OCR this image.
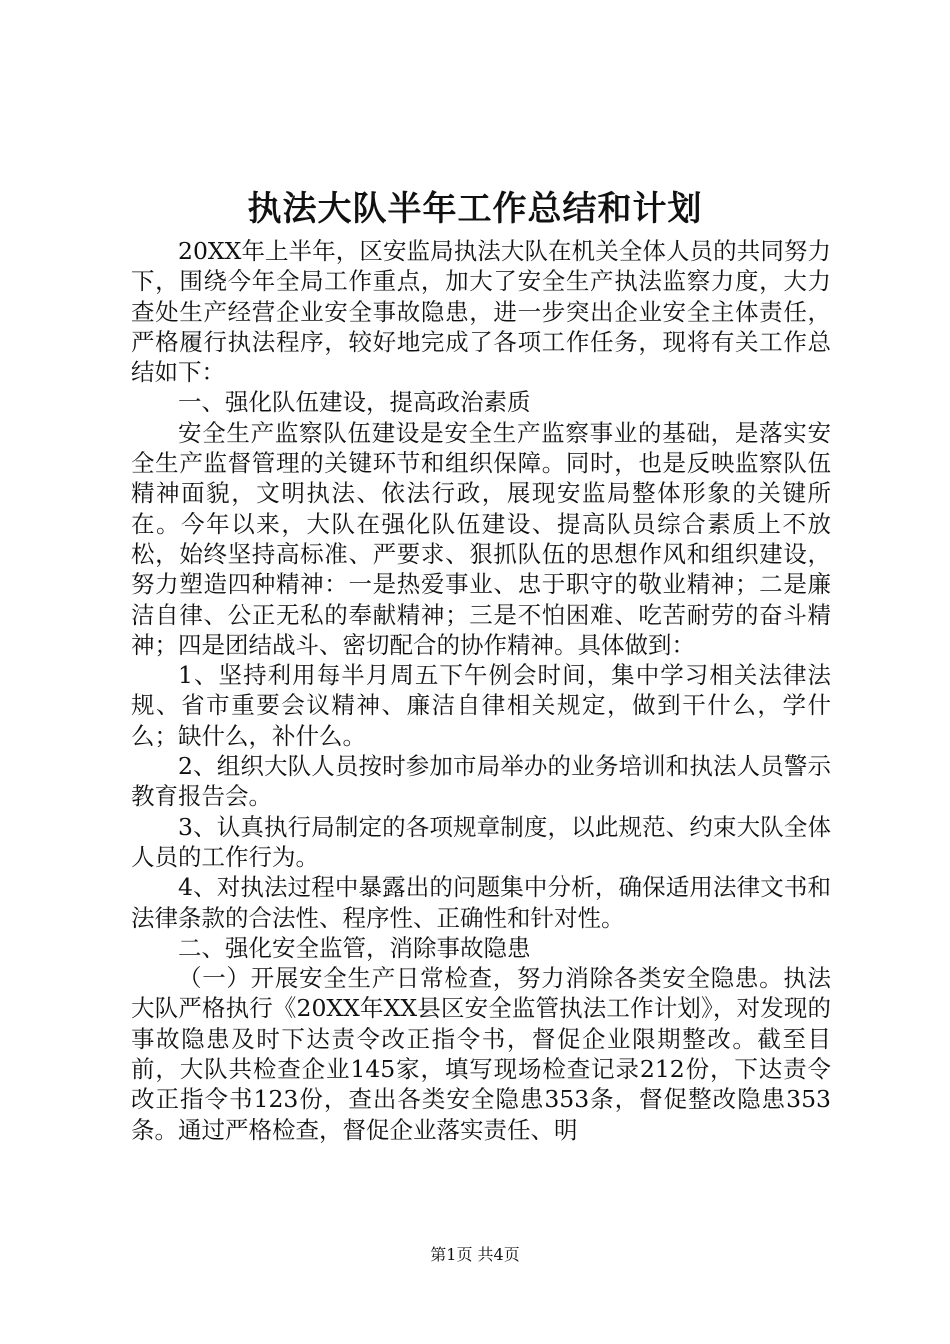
执法大队半年工作总结和计划

20XX年上半年，区安监局执法大队在机关全体人员的共同努力下，围绕今年全局工作重点，加大了安全生产执法监察力度，大力查处生产经营企业安全事故隐患，进一步突出企业安全主体责任，严格履行执法程序，较好地完成了各项工作任务，现将有关工作总结如下：

一、强化队伍建设，提高政治素质

安全生产监察队伍建设是安全生产监察事业的基础，是落实安全生产监督管理的关键环节和组织保障。同时，也是反映监察队伍精神面貌，文明执法、依法行政，展现安监局整体形象的关键所在。今年以来，大队在强化队伍建设、提高队员综合素质上不放松，始终坚持高标准、严要求、狠抓队伍的思想作风和组织建设，努力塑造四种精神：一是热爱事业、忠于职守的敬业精神；二是廉洁自律、公正无私的奉献精神；三是不怕困难、吃苦耐劳的奋斗精神；四是团结战斗、密切配合的协作精神。具体做到：

1、坚持利用每半月周五下午例会时间，集中学习相关法律法规、省市重要会议精神、廉洁自律相关规定，做到干什么，学什么；缺什么，补什么。

2、组织大队人员按时参加市局举办的业务培训和执法人员警示教育报告会。

3、认真执行局制定的各项规章制度，以此规范、约束大队全体人员的工作行为。

4、对执法过程中暴露出的问题集中分析，确保适用法律文书和法律条款的合法性、程序性、正确性和针对性。

二、强化安全监管，消除事故隐患

（一）开展安全生产日常检查，努力消除各类安全隐患。执法大队严格执行《20XX年XX县区安全监管执法工作计划》，对发现的事故隐患及时下达责令改正指令书，督促企业限期整改。截至目前，大队共检查企业145家，填写现场检查记录212份，下达责令改正指令书123份，查出各类安全隐患353条，督促整改隐患353条。通过严格检查，督促企业落实责任、明

第1页 共4页
